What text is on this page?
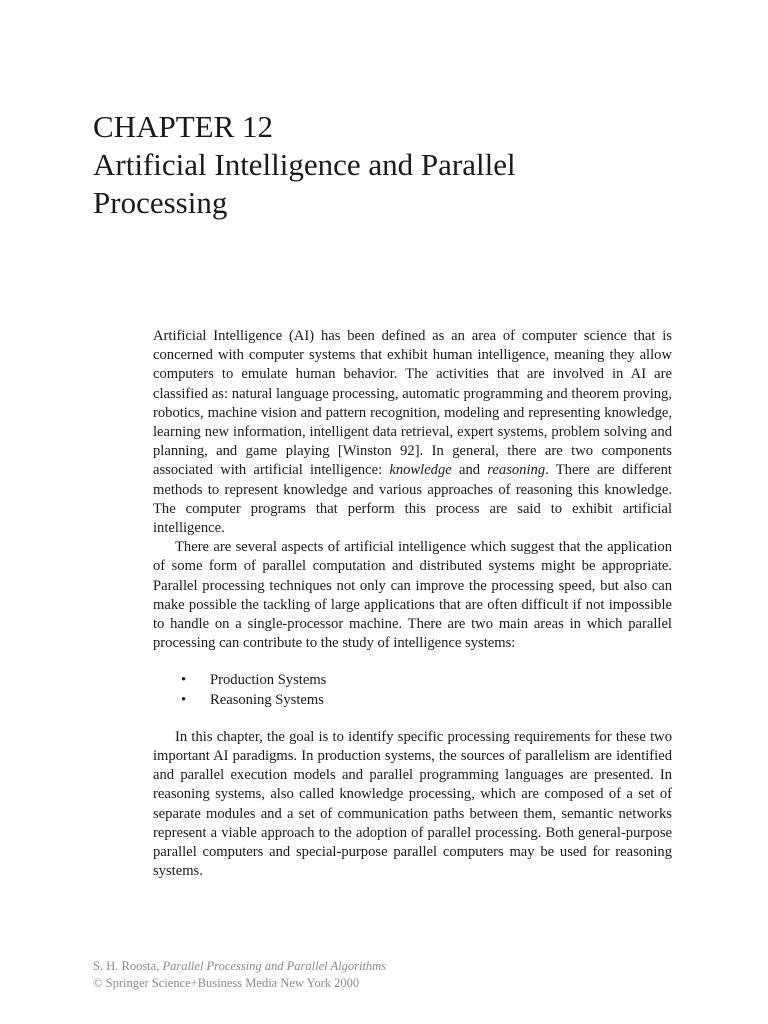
CHAPTER 12
Artificial Intelligence and Parallel
Processing

Artificial Intelligence (AI) has been defined as an area of computer science that is concerned with computer systems that exhibit human intelligence, meaning they allow computers to emulate human behavior. The activities that are involved in AI are classified as: natural language processing, automatic programming and theorem proving, robotics, machine vision and pattern recognition, modeling and representing knowledge, learning new information, intelligent data retrieval, expert systems, problem solving and planning, and game playing [Winston 92]. In general, there are two components associated with artificial intelligence: knowledge and reasoning. There are different methods to represent knowledge and various approaches of reasoning this knowledge. The computer programs that perform this process are said to exhibit artificial intelligence.

There are several aspects of artificial intelligence which suggest that the application of some form of parallel computation and distributed systems might be appropriate. Parallel processing techniques not only can improve the processing speed, but also can make possible the tackling of large applications that are often difficult if not impossible to handle on a single-processor machine. There are two main areas in which parallel processing can contribute to the study of intelligence systems:

• Production Systems
• Reasoning Systems

In this chapter, the goal is to identify specific processing requirements for these two important AI paradigms. In production systems, the sources of parallelism are identified and parallel execution models and parallel programming languages are presented. In reasoning systems, also called knowledge processing, which are composed of a set of separate modules and a set of communication paths between them, semantic networks represent a viable approach to the adoption of parallel processing. Both general-purpose parallel computers and special-purpose parallel computers may be used for reasoning systems.

S. H. Roosta, Parallel Processing and Parallel Algorithms
© Springer Science+Business Media New York 2000
